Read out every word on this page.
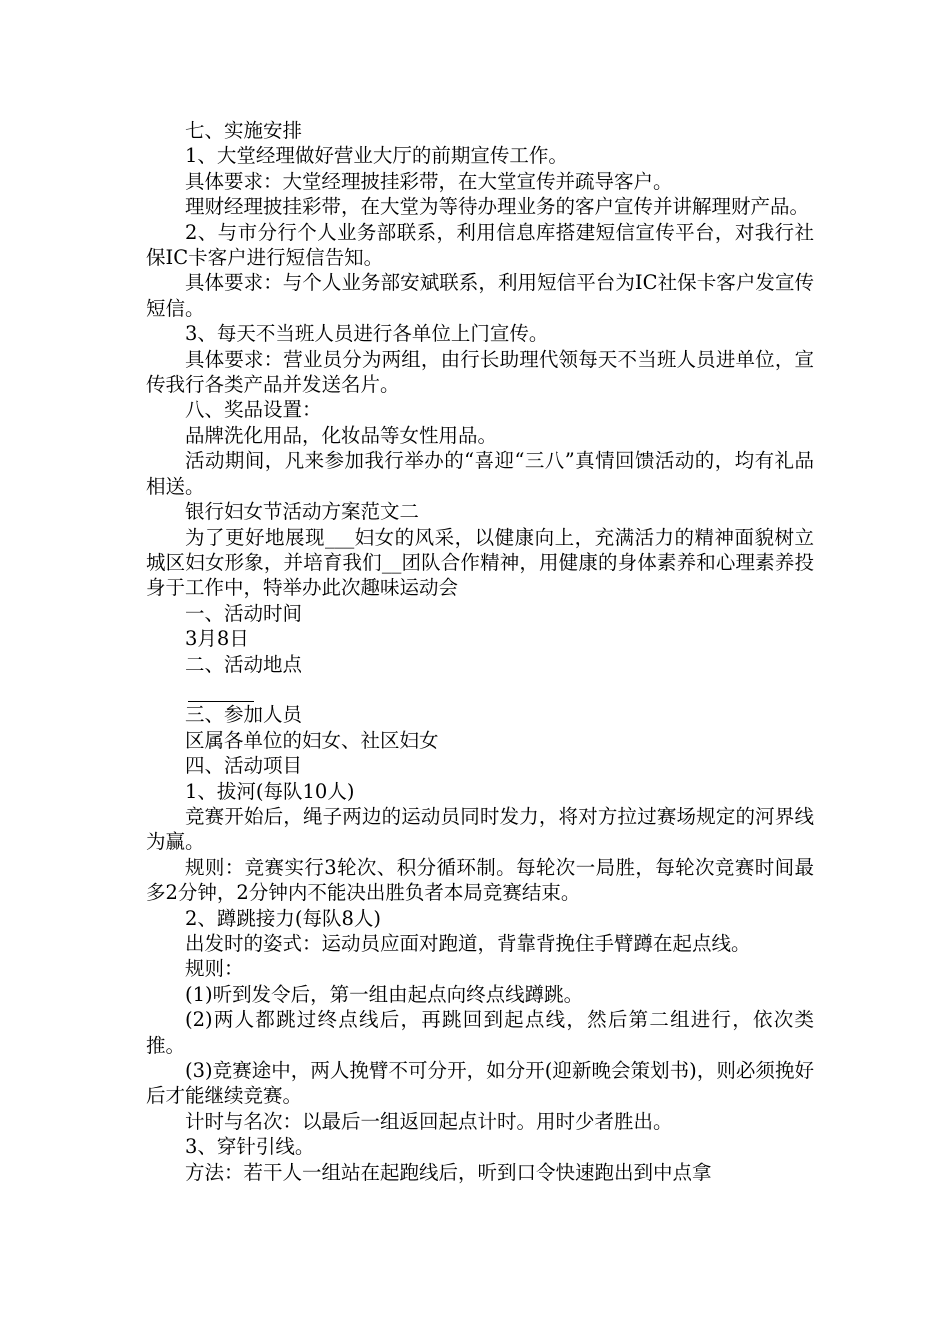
七、实施安排

1、大堂经理做好营业大厅的前期宣传工作。

具体要求：大堂经理披挂彩带，在大堂宣传并疏导客户。

理财经理披挂彩带，在大堂为等待办理业务的客户宣传并讲解理财产品。

2、与市分行个人业务部联系，利用信息库搭建短信宣传平台，对我行社保IC卡客户进行短信告知。

具体要求：与个人业务部安斌联系，利用短信平台为IC社保卡客户发宣传短信。

3、每天不当班人员进行各单位上门宣传。

具体要求：营业员分为两组，由行长助理代领每天不当班人员进单位，宣传我行各类产品并发送名片。

八、奖品设置：

品牌洗化用品，化妆品等女性用品。

活动期间，凡来参加我行举办的“喜迎“三八”真情回馈活动的，均有礼品相送。

银行妇女节活动方案范文二

为了更好地展现___妇女的风采，以健康向上，充满活力的精神面貌树立城区妇女形象，并培育我们__团队合作精神，用健康的身体素养和心理素养投身于工作中，特举办此次趣味运动会

一、活动时间

3月8日

二、活动地点

三、参加人员

区属各单位的妇女、社区妇女

四、活动项目

1、拔河(每队10人)

竞赛开始后，绳子两边的运动员同时发力，将对方拉过赛场规定的河界线为赢。

规则：竞赛实行3轮次、积分循环制。每轮次一局胜，每轮次竞赛时间最多2分钟，2分钟内不能决出胜负者本局竞赛结束。

2、蹲跳接力(每队8人)

出发时的姿式：运动员应面对跑道，背靠背挽住手臂蹲在起点线。

规则：

(1)听到发令后，第一组由起点向终点线蹲跳。

(2)两人都跳过终点线后，再跳回到起点线，然后第二组进行，依次类推。

(3)竞赛途中，两人挽臂不可分开，如分开(迎新晚会策划书)，则必须挽好后才能继续竞赛。

计时与名次：以最后一组返回起点计时。用时少者胜出。

3、穿针引线。

方法：若干人一组站在起跑线后，听到口令快速跑出到中点拿
